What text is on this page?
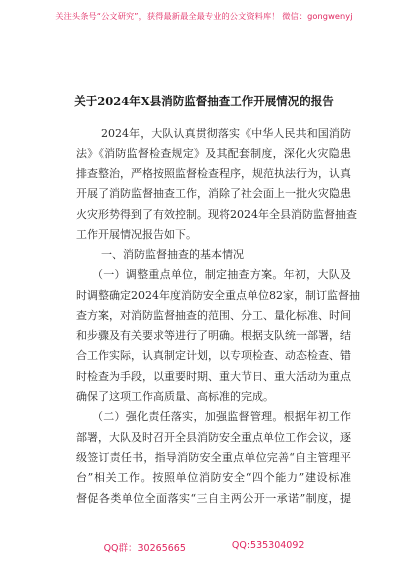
关注头条号“公文研究”，获得最新最全最专业的公文资料库！ 微信：gongwenyj
关于2024年X县消防监督抽查工作开展情况的报告
2024年，大队认真贯彻落实《中华人民共和国消防
法》《消防监督检查规定》及其配套制度，深化火灾隐患
排查整治，严格按照监督检查程序，规范执法行为，认真
开展了消防监督抽查工作，消除了社会面上一批火灾隐患
火灾形势得到了有效控制。现将2024年全县消防监督抽查
工作开展情况报告如下。
一、消防监督抽查的基本情况
（一）调整重点单位，制定抽查方案。年初，大队及
时调整确定2024年度消防安全重点单位82家，制订监督抽
查方案，对消防监督抽查的范围、分工、量化标准、时间
和步骤及有关要求等进行了明确。根据支队统一部署，结
合工作实际，认真制定计划，以专项检查、动态检查、错
时检查为手段，以重要时期、重大节日、重大活动为重点
确保了这项工作高质量、高标准的完成。
（二）强化责任落实，加强监督管理。根据年初工作
部署，大队及时召开全县消防安全重点单位工作会议，逐
级签订责任书，指导消防安全重点单位完善“自主管理平
台”相关工作。按照单位消防安全“四个能力”建设标准
督促各类单位全面落实“三自主两公开一承诺”制度，提
QQ群：30265665	QQ:535304092
